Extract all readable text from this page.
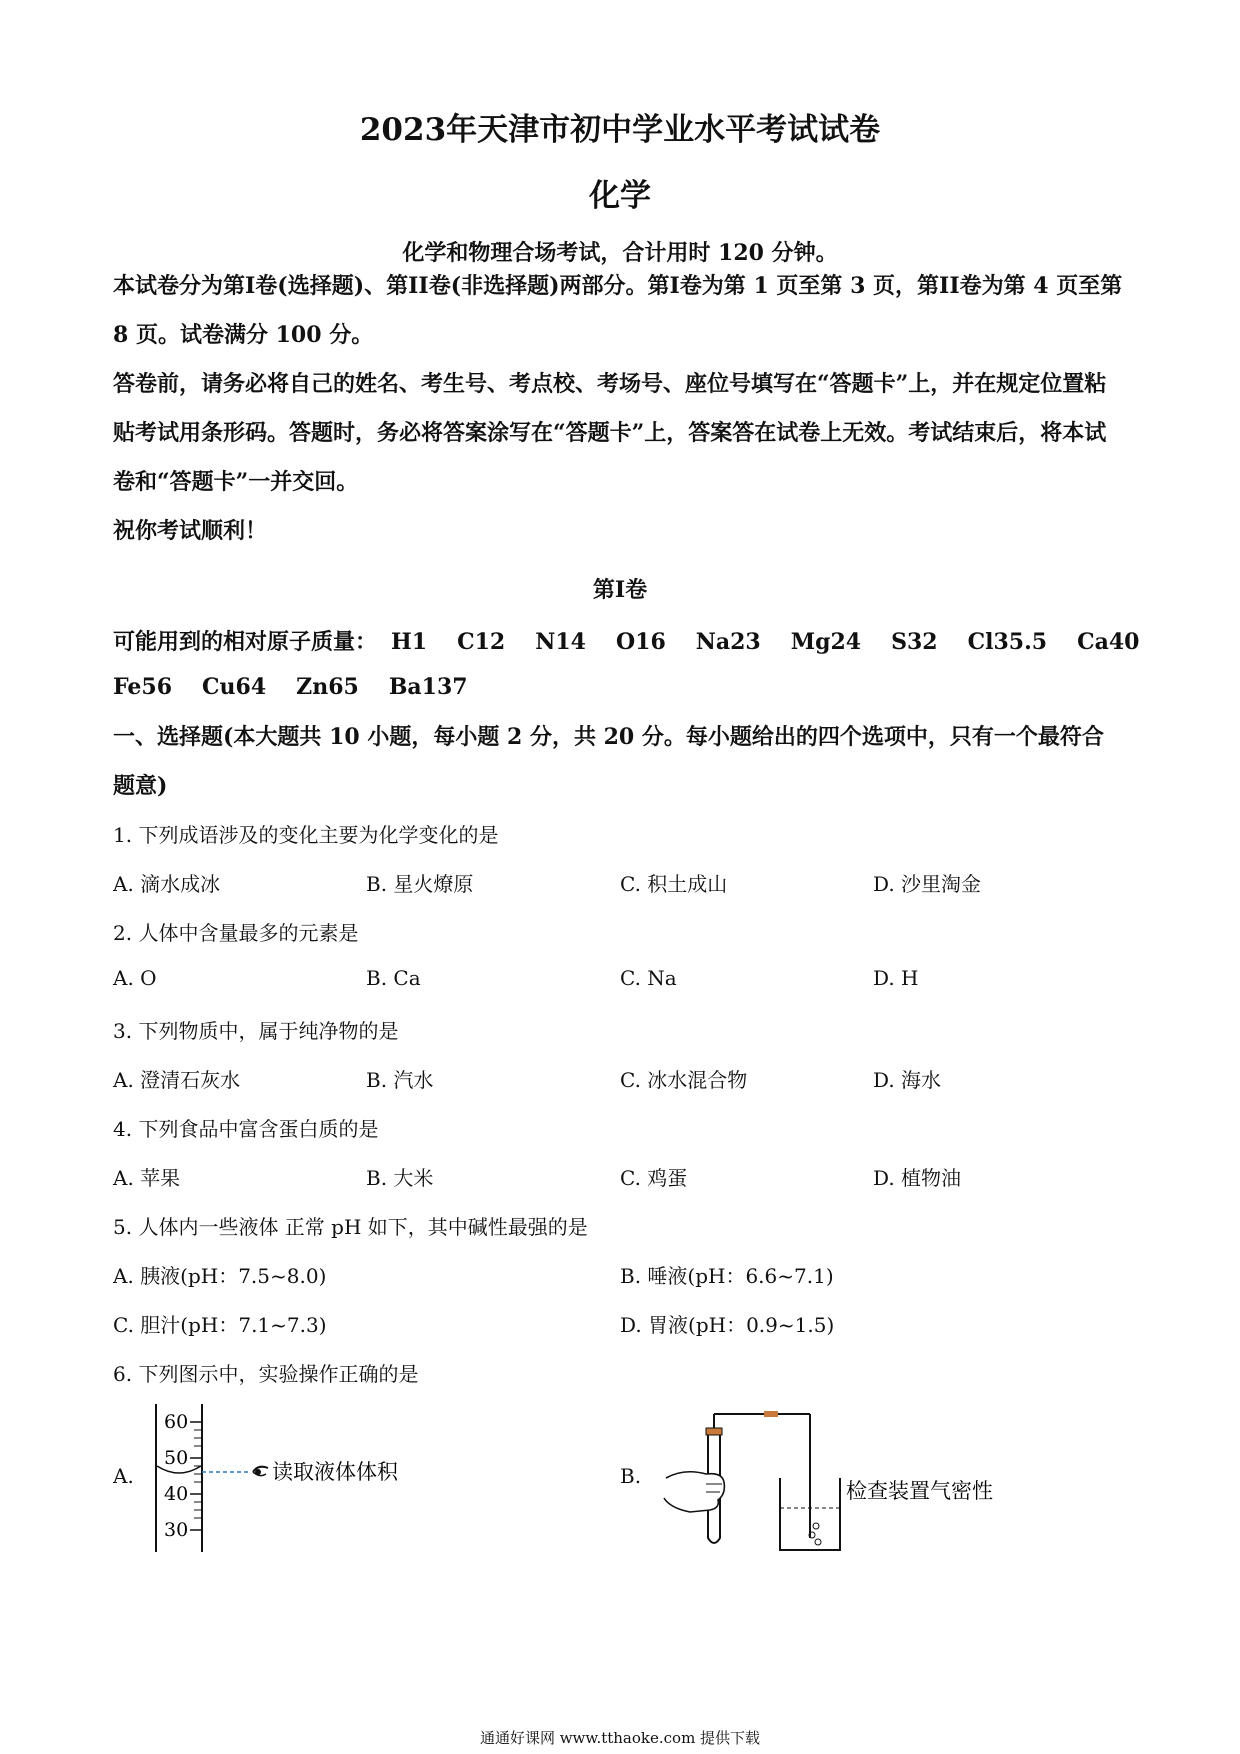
2023年天津市初中学业水平考试试卷
化学
化学和物理合场考试，合计用时 120 分钟。
本试卷分为第I卷(选择题)、第II卷(非选择题)两部分。第I卷为第 1 页至第 3 页，第II卷为第 4 页至第 8 页。试卷满分 100 分。
答卷前，请务必将自己的姓名、考生号、考点校、考场号、座位号填写在“答题卡”上，并在规定位置粘贴考试用条形码。答题时，务必将答案涂写在“答题卡”上，答案答在试卷上无效。考试结束后，将本试卷和“答题卡”一并交回。
祝你考试顺利！
第I卷
可能用到的相对原子质量： H1 C12 N14 O16 Na23 Mg24 S32 Cl35.5 Ca40
Fe56 Cu64 Zn65 Ba137
一、选择题(本大题共 10 小题，每小题 2 分，共 20 分。每小题给出的四个选项中，只有一个最符合题意)
1. 下列成语涉及的变化主要为化学变化的是
A. 滴水成冰	B. 星火燎原	C. 积土成山	D. 沙里淘金
2. 人体中含量最多的元素是
A. O	B. Ca	C. Na	D. H
3. 下列物质中，属于纯净物的是
A. 澄清石灰水	B. 汽水	C. 冰水混合物	D. 海水
4. 下列食品中富含蛋白质的是
A. 苹果	B. 大米	C. 鸡蛋	D. 植物油
5. 人体内一些液体 正常 pH 如下，其中碱性最强的是
A. 胰液(pH：7.5~8.0)	B. 唾液(pH：6.6~7.1)
C. 胆汁(pH：7.1~7.3)	D. 胃液(pH：0.9~1.5)
6. 下列图示中，实验操作正确的是
A.	B.
60
50
40
30
读取液体体积
检查装置气密性
通通好课网 www.tthaoke.com 提供下载
